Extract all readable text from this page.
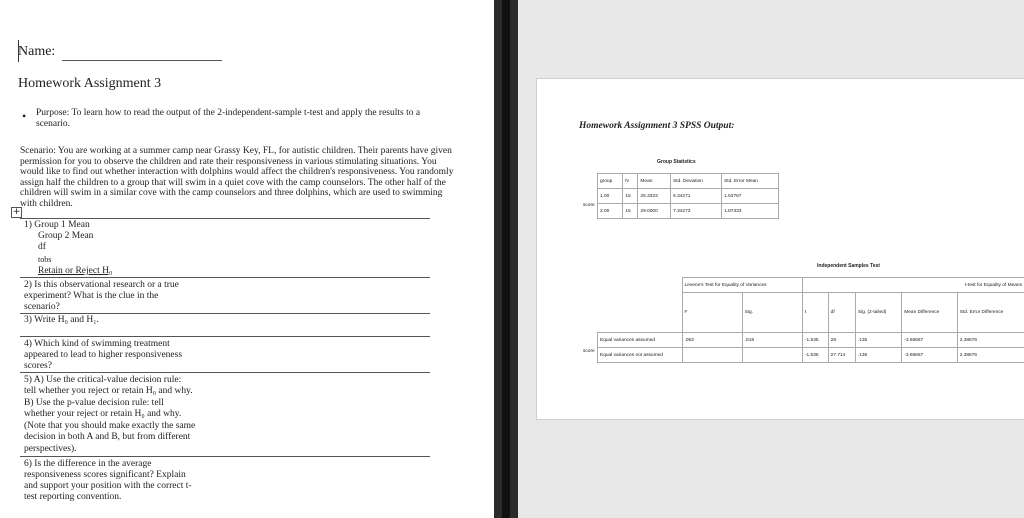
Name:
Homework Assignment 3
• Purpose: To learn how to read the output of the 2-independent-sample t-test and apply the results to a scenario.
Scenario: You are working at a summer camp near Grassy Key, FL, for autistic children. Their parents have given permission for you to observe the children and rate their responsiveness in various stimulating situations. You would like to find out whether interaction with dolphins would affect the children's responsiveness. You randomly assign half the children to a group that will swim in a quiet cove with the camp counselors. The other half of the children will swim in a similar cove with the camp counselors and three dolphins, which are used to swimming with children.
+
1) Group 1 Mean
Group 2 Mean
df
tobs
Retain or Reject H₀
2) Is this observational research or a true
experiment? What is the clue in the
scenario?
3) Write H₀ and H₁.
4) Which kind of swimming treatment
appeared to lead to higher responsiveness
scores?
5) A) Use the critical-value decision rule:
tell whether you reject or retain H₀ and why.
B) Use the p-value decision rule: tell
whether your reject or retain H₀ and why.
(Note that you should make exactly the same
decision in both A and B, but from different
perspectives).
6) Is the difference in the average
responsiveness scores significant? Explain
and support your position with the correct t-
test reporting convention.
Homework Assignment 3 SPSS Output:
Group Statistics
score
	group	N	Mean	Std. Deviation	Std. Error Mean
	1.00	15	25.3333	6.34271	1.63767
	2.00	15	29.0000	7.34273	1.87333
Independent Samples Test
score
	Levene's Test for Equality of Variances		t-test for Equality of Means				
	F	Sig.	t	df	Sig. (2-tailed)	Mean Difference	Std. Error Difference
Equal variances assumed	.053	.819	-1.535	28	.136	-3.66667	2.38876
Equal variances not assumed			-1.535	27.714	.136	-3.66667	2.38876
